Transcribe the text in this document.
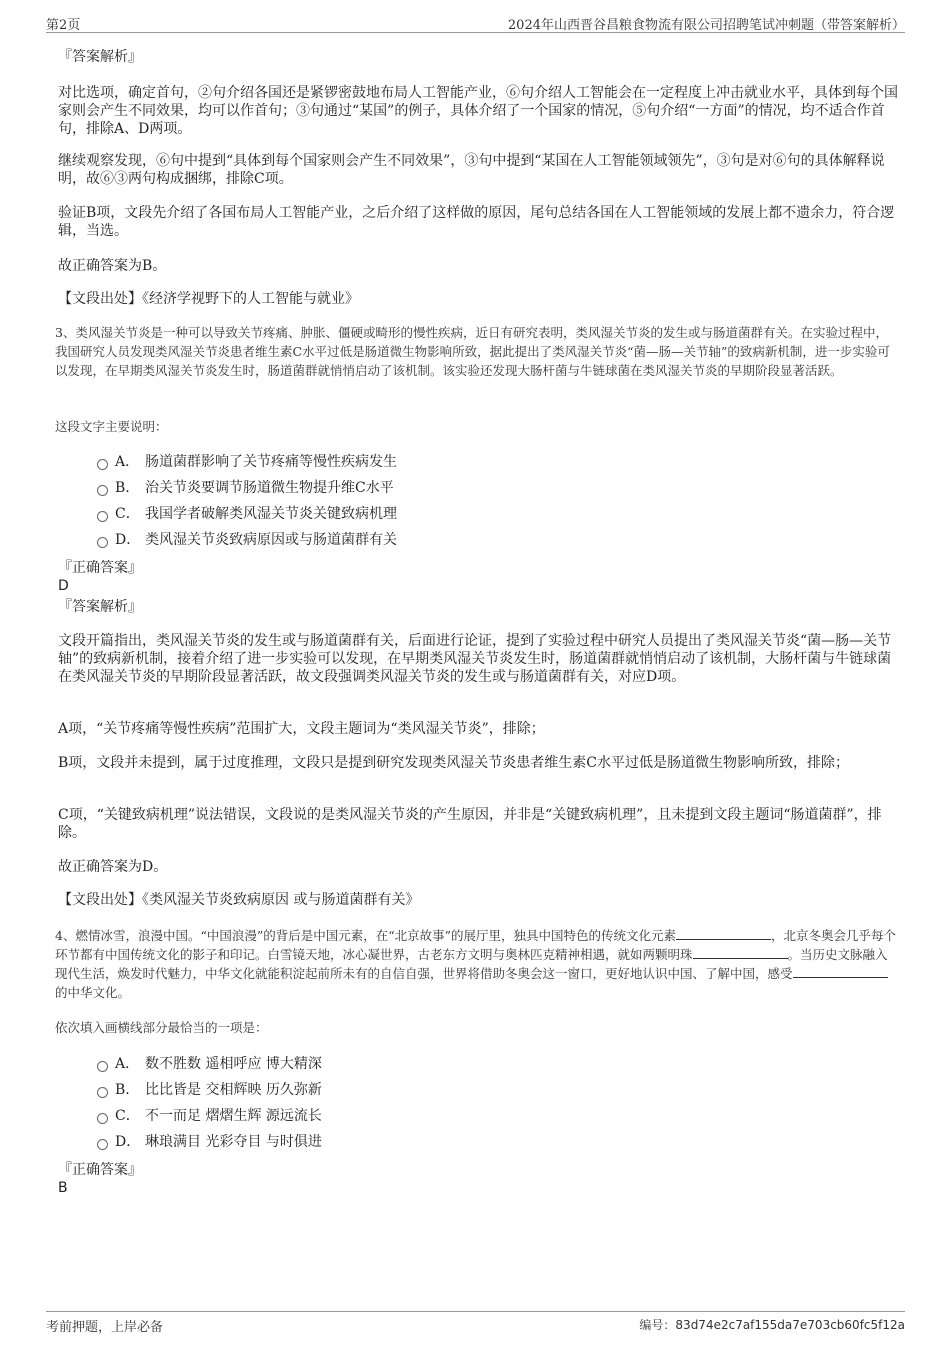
第2页	2024年山西晋谷昌粮食物流有限公司招聘笔试冲刺题（带答案解析）
『答案解析』
对比选项，确定首句，②句介绍各国还是紧锣密鼓地布局人工智能产业，⑥句介绍人工智能会在一定程度上冲击就业水平，具体到每个国家则会产生不同效果，均可以作首句；③句通过“某国”的例子，具体介绍了一个国家的情况，⑤句介绍“一方面”的情况，均不适合作首句，排除A、D两项。
继续观察发现，⑥句中提到“具体到每个国家则会产生不同效果”，③句中提到“某国在人工智能领域领先”，③句是对⑥句的具体解释说明，故⑥③两句构成捆绑，排除C项。
验证B项，文段先介绍了各国布局人工智能产业，之后介绍了这样做的原因，尾句总结各国在人工智能领域的发展上都不遗余力，符合逻辑，当选。
故正确答案为B。
【文段出处】《经济学视野下的人工智能与就业》
3、类风湿关节炎是一种可以导致关节疼痛、肿胀、僵硬或畸形的慢性疾病，近日有研究表明，类风湿关节炎的发生或与肠道菌群有关。在实验过程中，我国研究人员发现类风湿关节炎患者维生素C水平过低是肠道微生物影响所致，据此提出了类风湿关节炎“菌—肠—关节轴”的致病新机制，进一步实验可以发现，在早期类风湿关节炎发生时，肠道菌群就悄悄启动了该机制。该实验还发现大肠杆菌与牛链球菌在类风湿关节炎的早期阶段显著活跃。
这段文字主要说明：
A． 肠道菌群影响了关节疼痛等慢性疾病发生
B.	治关节炎要调节肠道微生物提升维C水平
C． 我国学者破解类风湿关节炎关键致病机理
D． 类风湿关节炎致病原因或与肠道菌群有关
『正确答案』
D
『答案解析』
文段开篇指出，类风湿关节炎的发生或与肠道菌群有关，后面进行论证，提到了实验过程中研究人员提出了类风湿关节炎“菌—肠—关节轴”的致病新机制，接着介绍了进一步实验可以发现，在早期类风湿关节炎发生时，肠道菌群就悄悄启动了该机制，大肠杆菌与牛链球菌在类风湿关节炎的早期阶段显著活跃，故文段强调类风湿关节炎的发生或与肠道菌群有关，对应D项。
A项，“关节疼痛等慢性疾病”范围扩大，文段主题词为“类风湿关节炎”，排除；
B项，文段并未提到，属于过度推理，文段只是提到研究发现类风湿关节炎患者维生素C水平过低是肠道微生物影响所致，排除；
C项，“关键致病机理”说法错误，文段说的是类风湿关节炎的产生原因，并非是“关键致病机理”，且未提到文段主题词“肠道菌群”，排除。
故正确答案为D。
【文段出处】《类风湿关节炎致病原因 或与肠道菌群有关》
4、燃情冰雪，浪漫中国。“中国浪漫”的背后是中国元素，在“北京故事”的展厅里，独具中国特色的传统文化元素	，北京冬奥会几乎每个环节都有中国传统文化的影子和印记。白雪镜天地，冰心凝世界，古老东方文明与奥林匹克精神相遇，就如两颗明珠	。当历史文脉融入现代生活，焕发时代魅力，中华文化就能积淀起前所未有的自信自强，世界将借助冬奥会这一窗口，更好地认识中国、了解中国，感受的中华文化。
依次填入画横线部分最恰当的一项是：
A． 数不胜数 遥相呼应 博大精深
B.	比比皆是 交相辉映 历久弥新
C． 不一而足 熠熠生辉 源远流长
D． 琳琅满目 光彩夺目 与时俱进
『正确答案』
B
考前押题，上岸必备	编号：83d74e2c7af155da7e703cb60fc5f12a
